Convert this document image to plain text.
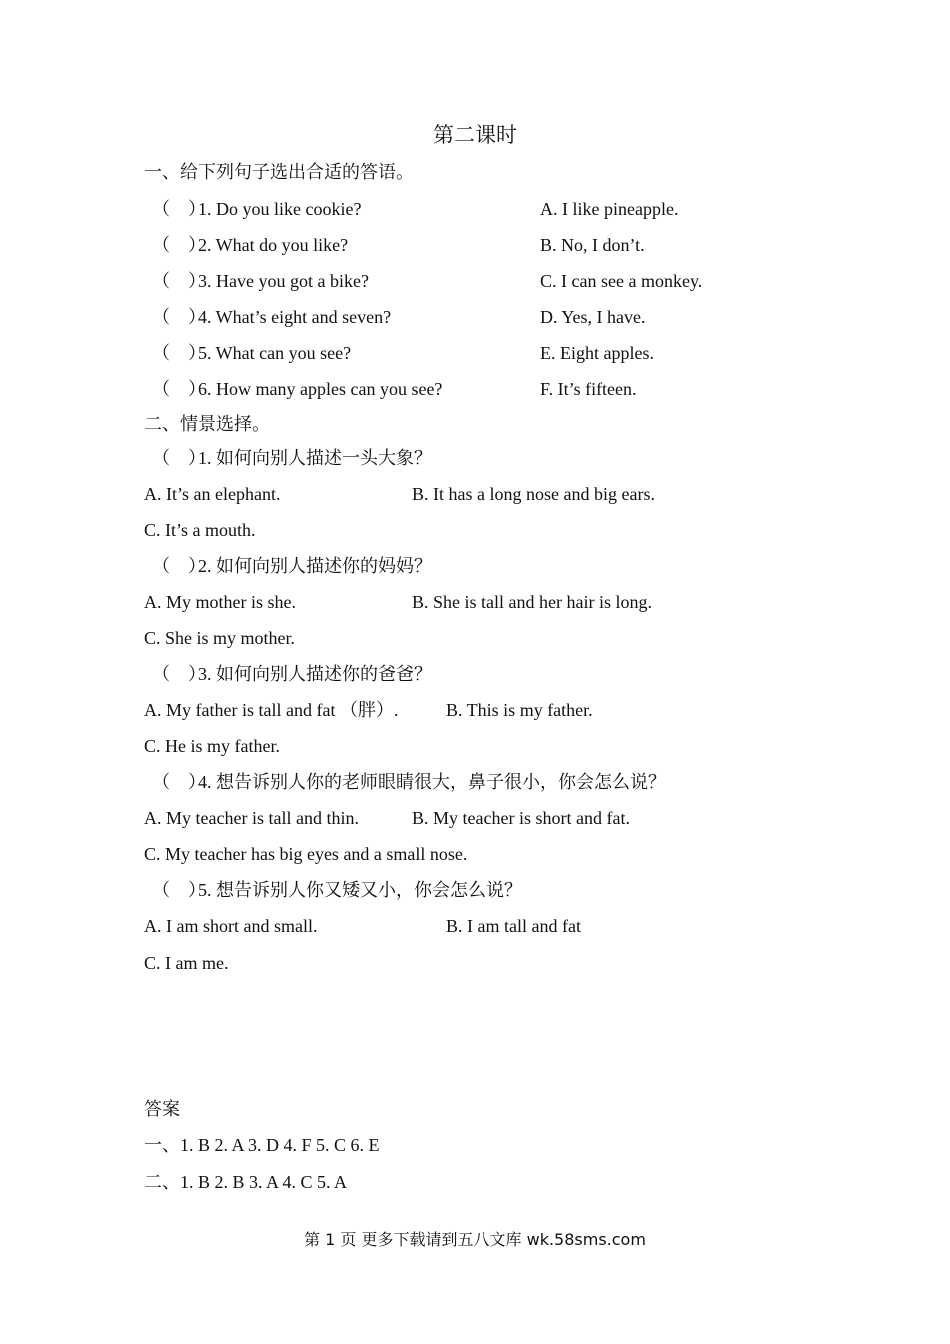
第二课时
一、给下列句子选出合适的答语。
（　）1. Do you like cookie?	A. I like pineapple.
（　）2. What do you like?	B. No, I don’t.
（　）3. Have you got a bike?	C. I can see a monkey.
（　）4. What’s eight and seven?	D. Yes, I have.
（　）5. What can you see?	E. Eight apples.
（　）6. How many apples can you see?	F. It’s fifteen.
二、情景选择。
（　）1. 如何向别人描述一头大象？
A. It’s an elephant.	B. It has a long nose and big ears.
C. It’s a mouth.
（　）2. 如何向别人描述你的妈妈？
A. My mother is she.	B. She is tall and her hair is long.
C. She is my mother.
（　）3. 如何向别人描述你的爸爸？
A. My father is tall and fat （胖）.	B. This is my father.
C. He is my father.
（　）4. 想告诉别人你的老师眼睛很大，鼻子很小，你会怎么说？
A. My teacher is tall and thin.	B. My teacher is short and fat.
C. My teacher has big eyes and a small nose.
（　）5. 想告诉别人你又矮又小，你会怎么说？
A. I am short and small.	B. I am tall and fat
C. I am me.
答案
一、1. B 2. A 3. D 4. F 5. C 6. E
二、1. B 2. B 3. A 4. C 5. A
第 1 页 更多下载请到五八文库 wk.58sms.com
